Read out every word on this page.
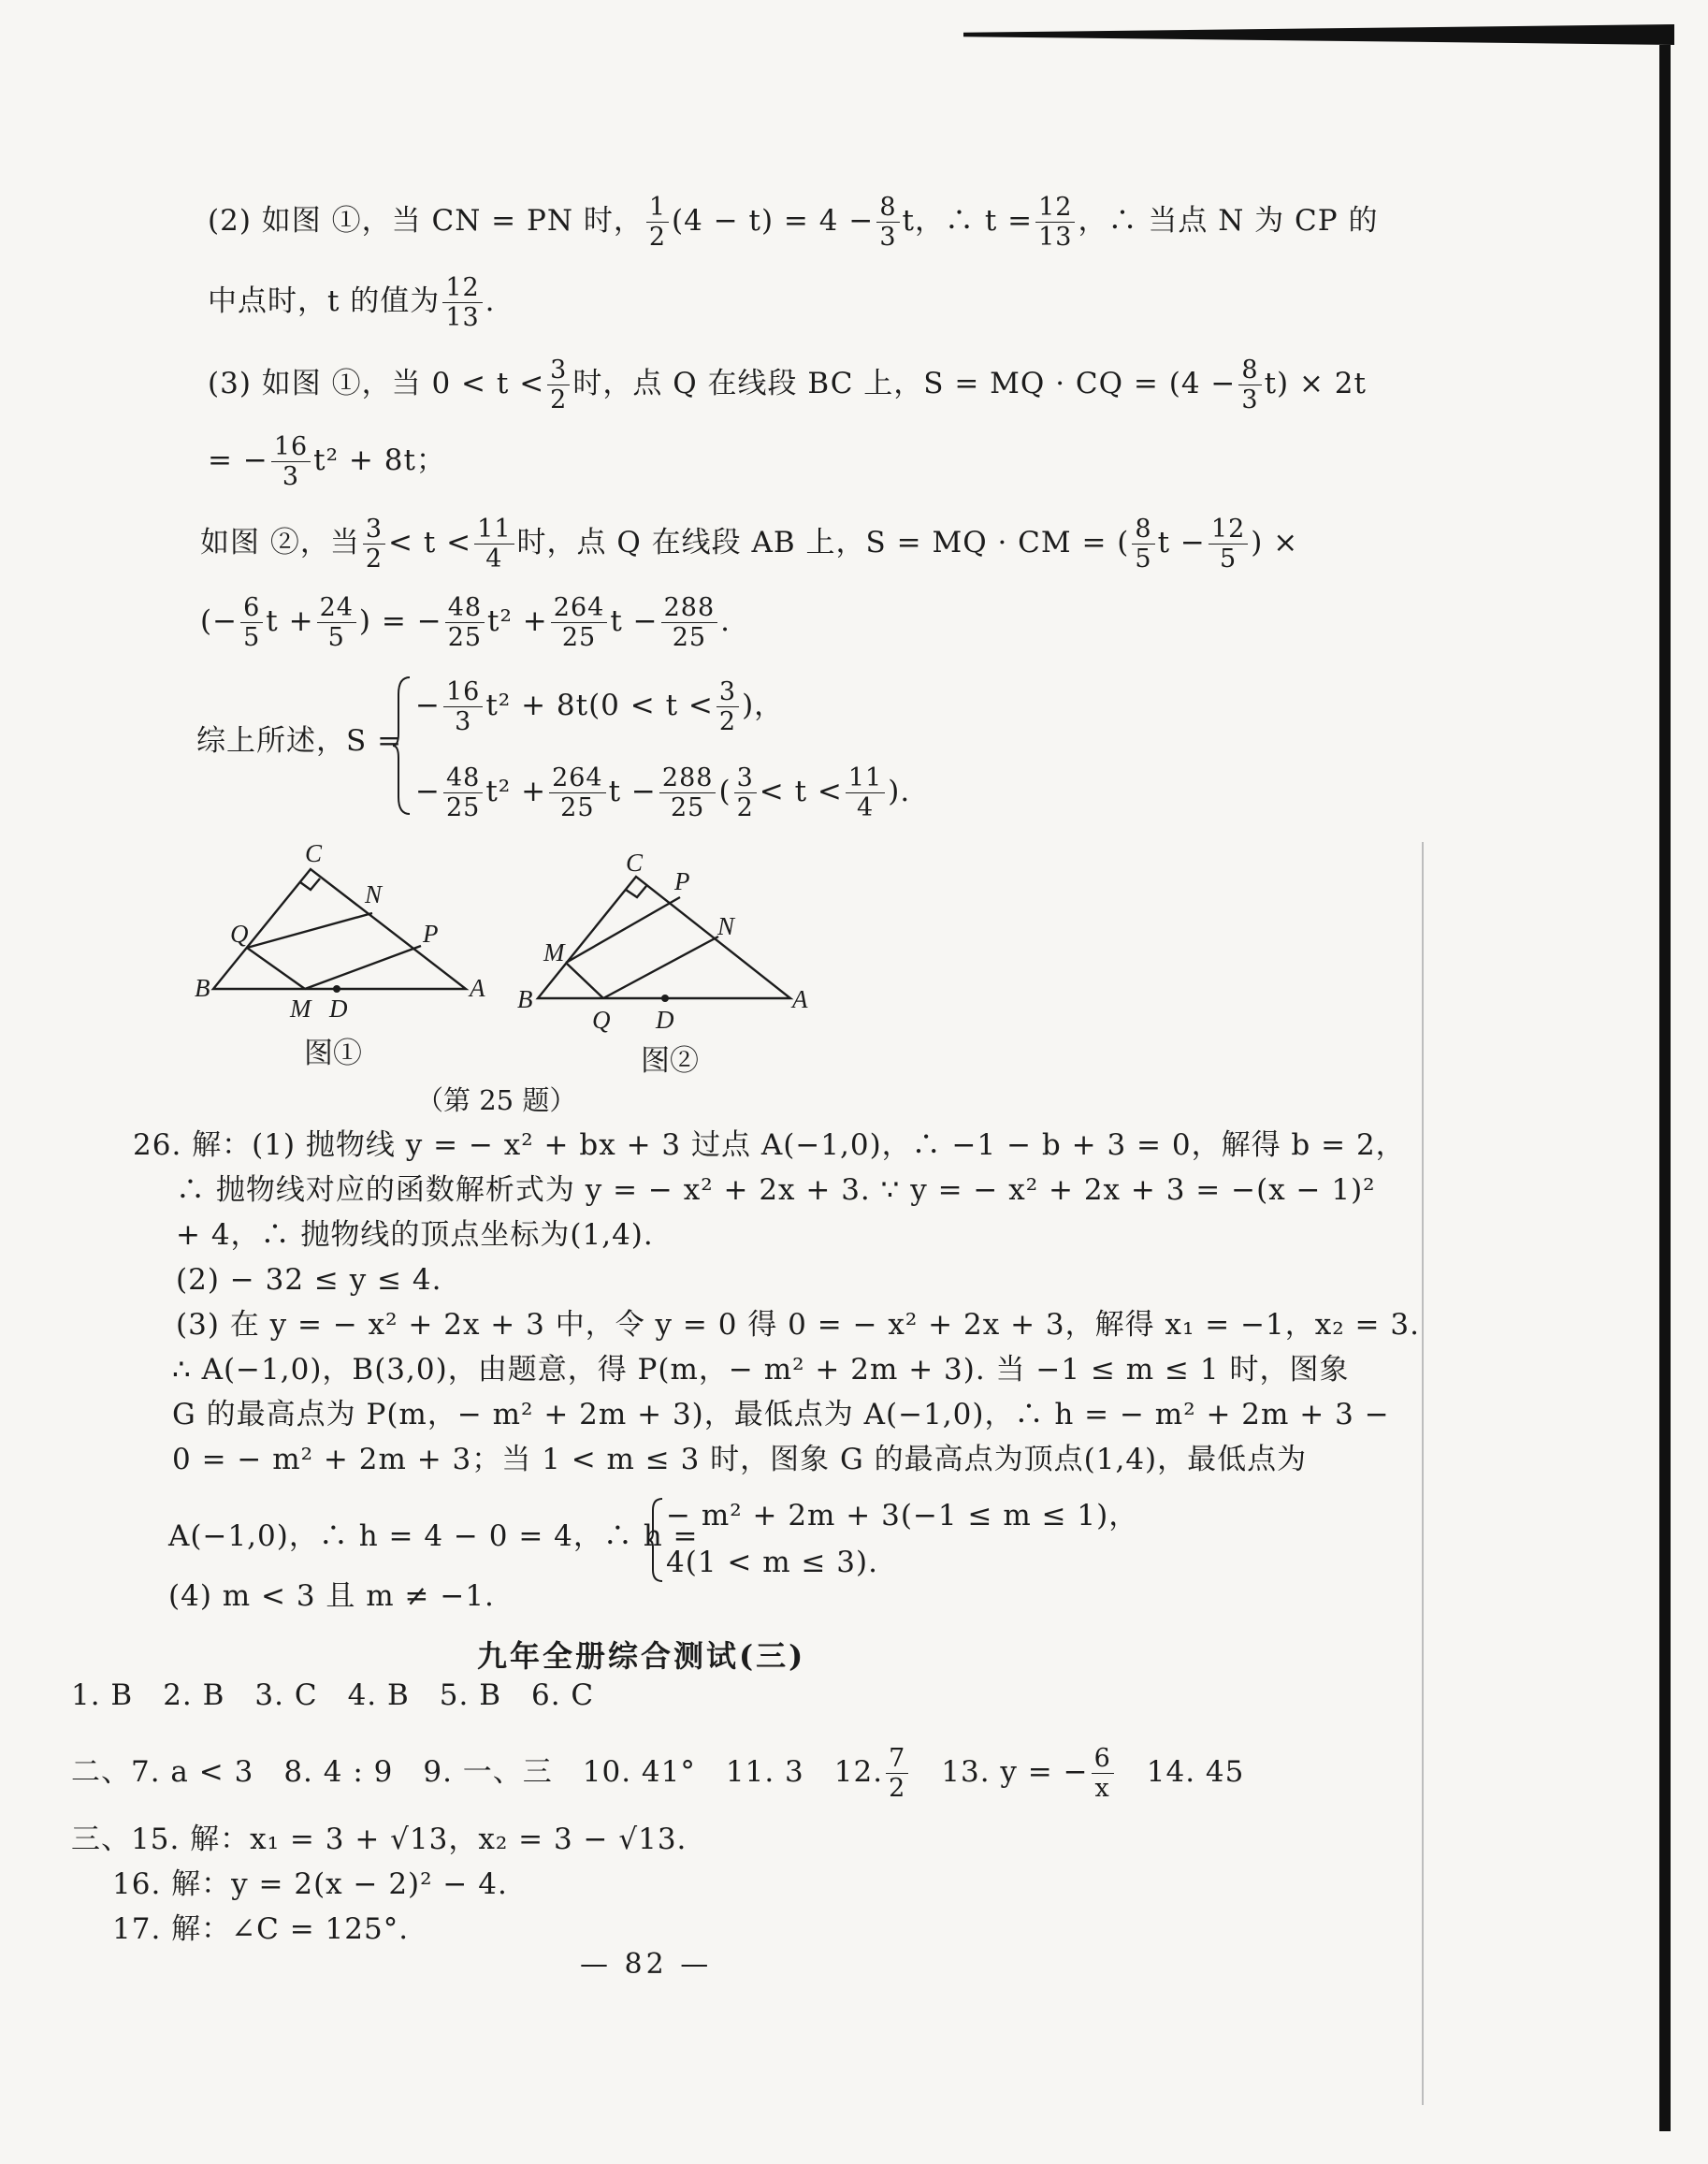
(2) 如图 ①，当 CN = PN 时， $\frac{1}{2} (4 - t) = 4 - \frac{8}{3}$ t，∴ $t = \frac{12}{13}$ ，∴ 当点 N 为 CP 的
中点时，t 的值为 $\frac{12}{13}$ .
(3) 如图 ①，当 $0 < t < \frac{3}{2}$ 时，点 Q 在线段 BC 上，S = MQ · CQ = $(4 - \frac{8}{3} t) \times 2t$
= − $\frac{16}{3} t^2 + 8t$；
如图 ②，当 $\frac{3}{2} < t < \frac{11}{4}$ 时，点 Q 在线段 AB 上，S = MQ · CM = ( $\frac{8}{5}$ $t - \frac{12}{5}$ ) ×
(− $\frac{6}{5}$ $t + \frac{24}{5}$ ) = − $\frac{48}{25} t^2 + \frac{264}{25}$ $t - \frac{288}{25}$ .
综上所述，S =
− $\frac{16}{3} t^2 + 8t(0 < t < \frac{3}{2}$ )，
− $\frac{48}{25} t^2 + \frac{264}{25}$ $t - \frac{288}{25}$ ( $\frac{3}{2} < t < \frac{11}{4}$ ).
C
N
Q	P
B
M D
A
图①
C
P
N
M
B
Q D
A
图②
（第 25 题）
26. 解：(1) 抛物线 y = − x² + bx + 3 过点 A(−1,0)，∴ −1 − b + 3 = 0，解得 b = 2，
∴ 抛物线对应的函数解析式为 y = − x² + 2x + 3. ∵ y = − x² + 2x + 3 = −(x − 1)²
+ 4，∴ 抛物线的顶点坐标为(1,4).
(2) − 32 ≤ y ≤ 4.
(3) 在 y = − x² + 2x + 3 中，令 y = 0 得 0 = − x² + 2x + 3，解得 x₁ = −1，x₂ = 3.
∴ A(−1,0)，B(3,0)，由题意，得 P(m，− m² + 2m + 3). 当 −1 ≤ m ≤ 1 时，图象
G 的最高点为 P(m，− m² + 2m + 3)，最低点为 A(−1,0)，∴ h = − m² + 2m + 3 −
0 = − m² + 2m + 3；当 1 < m ≤ 3 时，图象 G 的最高点为顶点(1,4)，最低点为
A(−1,0)，∴ h = 4 − 0 = 4，∴ h =
− m² + 2m + 3(−1 ≤ m ≤ 1)，
4(1 < m ≤ 3).
(4) m < 3 且 m ≠ −1.
九年全册综合测试(三)
1. B　2. B　3. C　4. B　5. B　6. C
二、7. a < 3　8. 4 : 9　9. 一、三　10. 41°　11. 3　12. $\frac{7}{2}$
　 13. y = − $\frac{6}{x}$
　 14. 45
三、15. 解：x₁ = 3 + √13，x₂ = 3 − √13.
16. 解：y = 2(x − 2)² − 4.
17. 解：∠C = 125°.
— 82 —
